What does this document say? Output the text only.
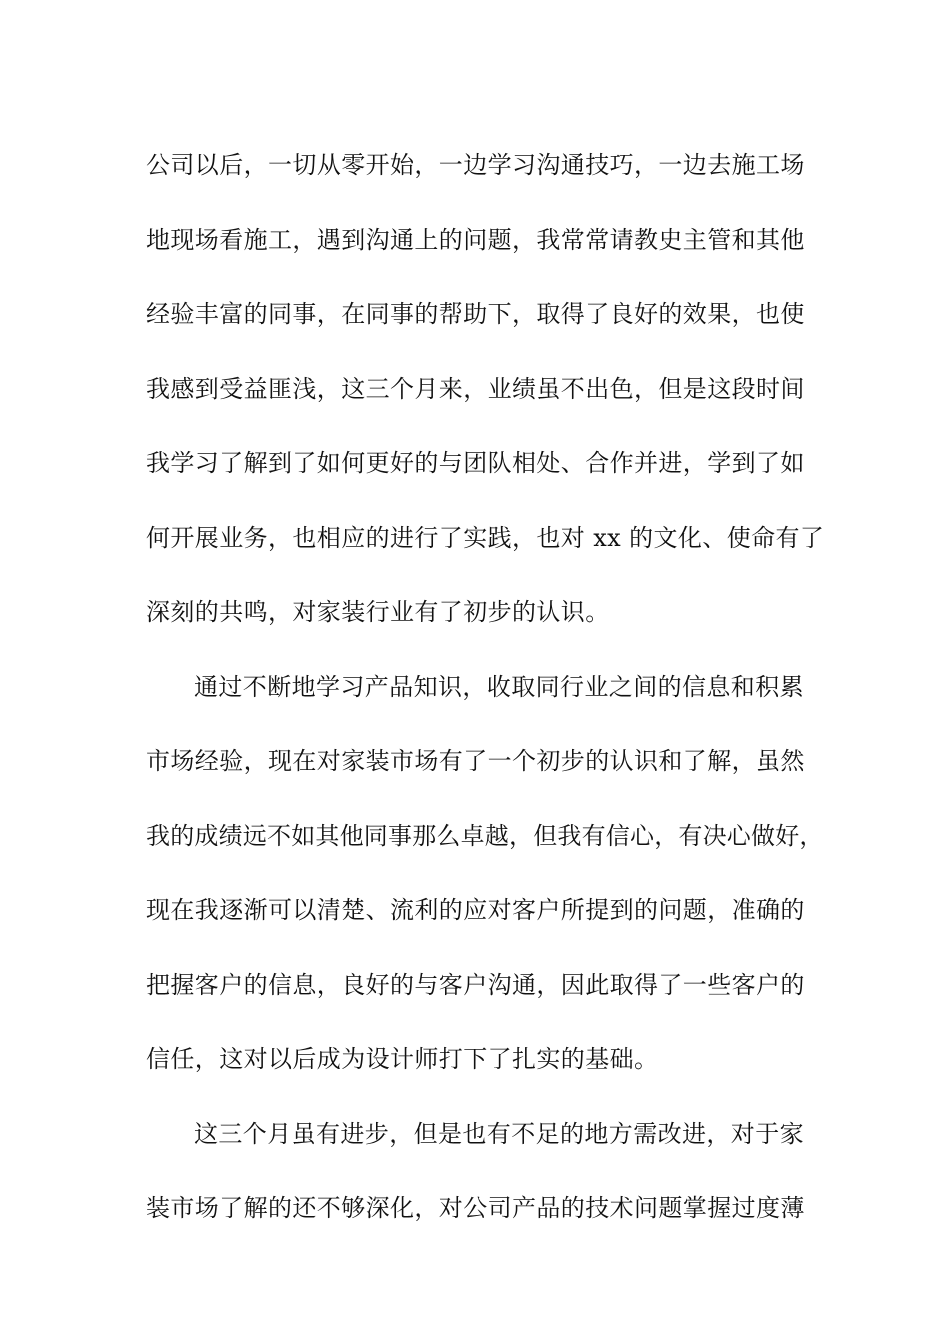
公司以后，一切从零开始，一边学习沟通技巧，一边去施工场
地现场看施工，遇到沟通上的问题，我常常请教史主管和其他
经验丰富的同事，在同事的帮助下，取得了良好的效果，也使
我感到受益匪浅，这三个月来，业绩虽不出色，但是这段时间
我学习了解到了如何更好的与团队相处、合作并进，学到了如
何开展业务，也相应的进行了实践，也对 xx 的文化、使命有了
深刻的共鸣，对家装行业有了初步的认识。
通过不断地学习产品知识，收取同行业之间的信息和积累
市场经验，现在对家装市场有了一个初步的认识和了解，虽然
我的成绩远不如其他同事那么卓越，但我有信心，有决心做好，
现在我逐渐可以清楚、流利的应对客户所提到的问题，准确的
把握客户的信息，良好的与客户沟通，因此取得了一些客户的
信任，这对以后成为设计师打下了扎实的基础。
这三个月虽有进步，但是也有不足的地方需改进，对于家
装市场了解的还不够深化，对公司产品的技术问题掌握过度薄
